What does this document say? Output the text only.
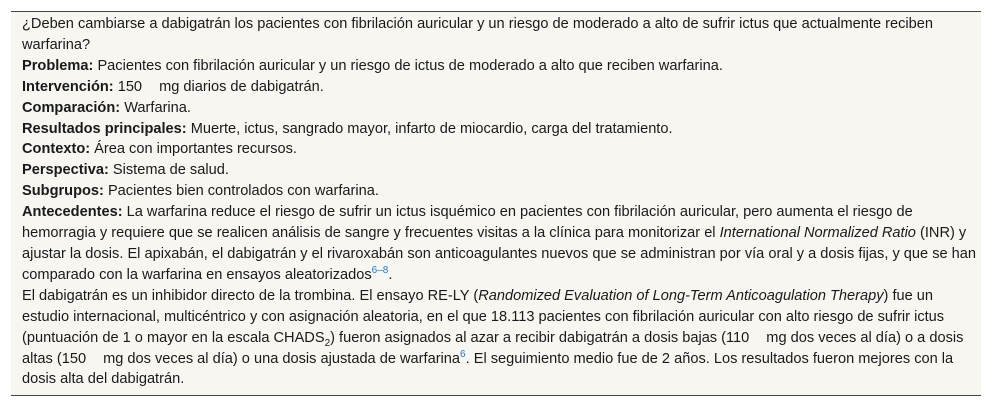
¿Deben cambiarse a dabigatrán los pacientes con fibrilación auricular y un riesgo de moderado a alto de sufrir ictus que actualmente reciben warfarina?

Problema: Pacientes con fibrilación auricular y un riesgo de ictus de moderado a alto que reciben warfarina.

Intervención: 150 mg diarios de dabigatrán.

Comparación: Warfarina.

Resultados principales: Muerte, ictus, sangrado mayor, infarto de miocardio, carga del tratamiento.

Contexto: Área con importantes recursos.

Perspectiva: Sistema de salud.

Subgrupos: Pacientes bien controlados con warfarina.

Antecedentes: La warfarina reduce el riesgo de sufrir un ictus isquémico en pacientes con fibrilación auricular, pero aumenta el riesgo de hemorragia y requiere que se realicen análisis de sangre y frecuentes visitas a la clínica para monitorizar el International Normalized Ratio (INR) y ajustar la dosis. El apixabán, el dabigatrán y el rivaroxabán son anticoagulantes nuevos que se administran por vía oral y a dosis fijas, y que se han comparado con la warfarina en ensayos aleatorizados$^{6-8}$.

El dabigatrán es un inhibidor directo de la trombina. El ensayo RE-LY (Randomized Evaluation of Long-Term Anticoagulation Therapy) fue un estudio internacional, multicéntrico y con asignación aleatoria, en el que 18.113 pacientes con fibrilación auricular con alto riesgo de sufrir ictus (puntuación de 1 o mayor en la escala $CHADS_2$) fueron asignados al azar a recibir dabigatrán a dosis bajas (110 mg dos veces al día) o a dosis altas (150 mg dos veces al día) o una dosis ajustada de warfarina$^6$. El seguimiento medio fue de 2 años. Los resultados fueron mejores con la dosis alta del dabigatrán.
